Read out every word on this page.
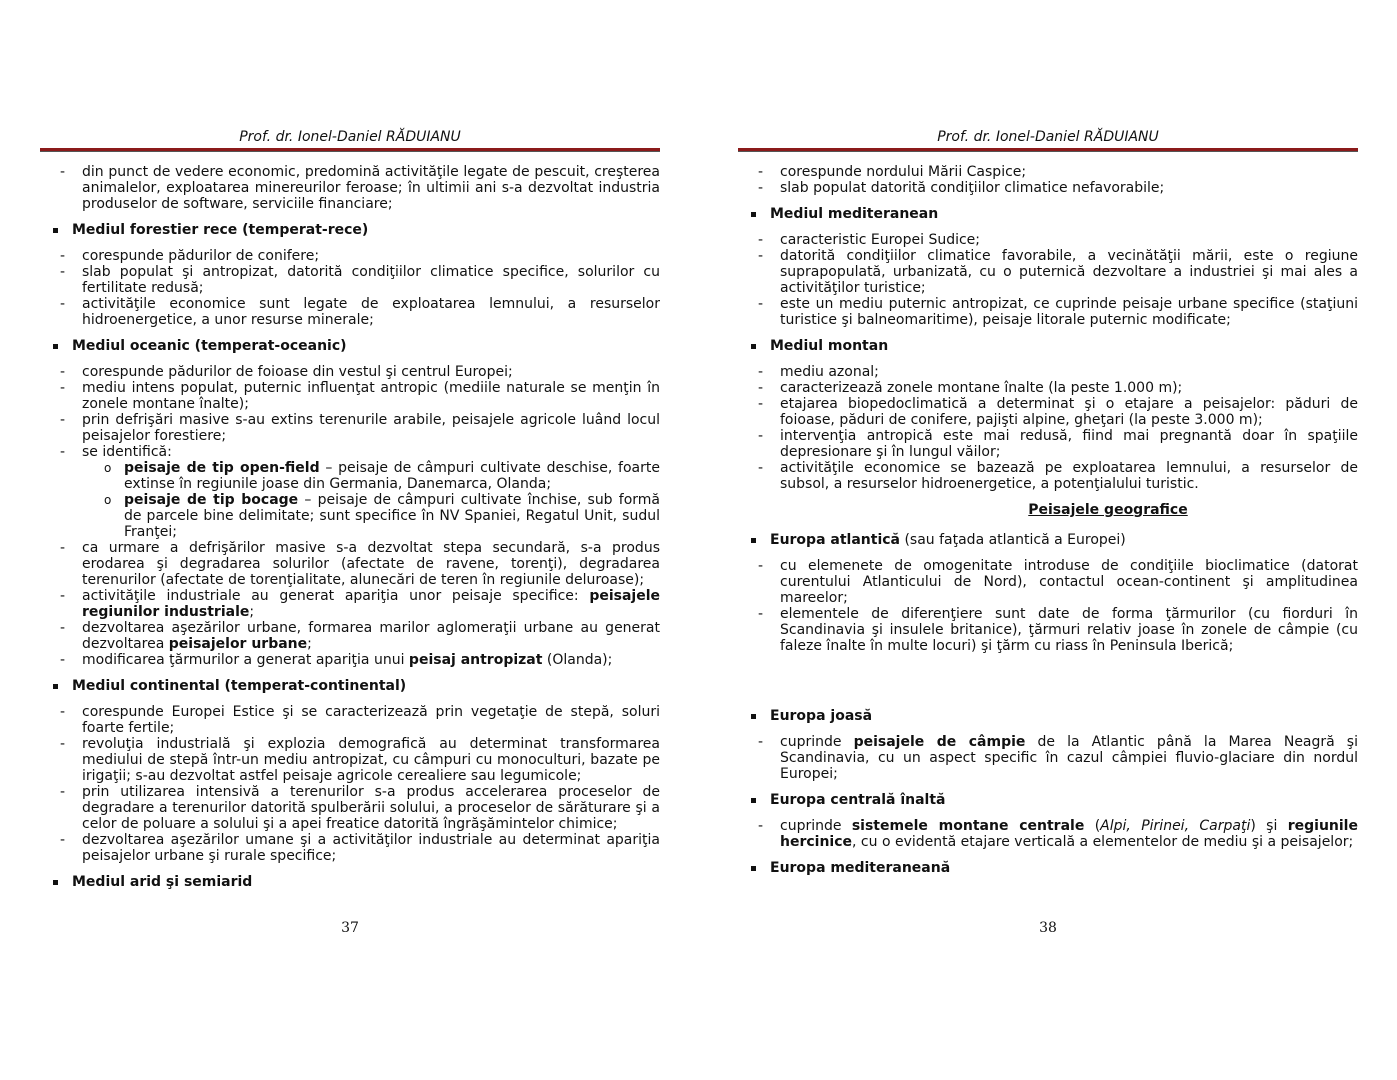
Prof. dr. Ionel-Daniel RĂDUIANU
- din punct de vedere economic, predomină activităţile legate de pescuit, creşterea animalelor, exploatarea minereurilor feroase; în ultimii ani s-a dezvoltat industria produselor de software, serviciile financiare;
Mediul forestier rece (temperat-rece)
- corespunde pădurilor de conifere;
- slab populat şi antropizat, datorită condiţiilor climatice specifice, solurilor cu fertilitate redusă;
- activităţile economice sunt legate de exploatarea lemnului, a resurselor hidroenergetice, a unor resurse minerale;
Mediul oceanic (temperat-oceanic)
- corespunde pădurilor de foioase din vestul şi centrul Europei;
- mediu intens populat, puternic influenţat antropic (mediile naturale se menţin în zonele montane înalte);
- prin defrişări masive s-au extins terenurile arabile, peisajele agricole luând locul peisajelor forestiere;
- se identifică:
o peisaje de tip open-field – peisaje de câmpuri cultivate deschise, foarte extinse în regiunile joase din Germania, Danemarca, Olanda;
o peisaje de tip bocage – peisaje de câmpuri cultivate închise, sub formă de parcele bine delimitate; sunt specifice în NV Spaniei, Regatul Unit, sudul Franţei;
- ca urmare a defrişărilor masive s-a dezvoltat stepa secundară, s-a produs erodarea şi degradarea solurilor (afectate de ravene, torenţi), degradarea terenurilor (afectate de torenţialitate, alunecări de teren în regiunile deluroase);
- activităţile industriale au generat apariţia unor peisaje specifice: peisajele regiunilor industriale;
- dezvoltarea aşezărilor urbane, formarea marilor aglomeraţii urbane au generat dezvoltarea peisajelor urbane;
- modificarea ţărmurilor a generat apariţia unui peisaj antropizat (Olanda);
Mediul continental (temperat-continental)
- corespunde Europei Estice şi se caracterizează prin vegetaţie de stepă, soluri foarte fertile;
- revoluţia industrială şi explozia demografică au determinat transformarea mediului de stepă într-un mediu antropizat, cu câmpuri cu monoculturi, bazate pe irigaţii; s-au dezvoltat astfel peisaje agricole cerealiere sau legumicole;
- prin utilizarea intensivă a terenurilor s-a produs accelerarea proceselor de degradare a terenurilor datorită spulberării solului, a proceselor de sărăturare şi a celor de poluare a solului şi a apei freatice datorită îngrăşămintelor chimice;
- dezvoltarea aşezărilor umane şi a activităţilor industriale au determinat apariţia peisajelor urbane şi rurale specifice;
Mediul arid şi semiarid
37
Prof. dr. Ionel-Daniel RĂDUIANU
- corespunde nordului Mării Caspice;
- slab populat datorită condiţiilor climatice nefavorabile;
Mediul mediteranean
- caracteristic Europei Sudice;
- datorită condiţiilor climatice favorabile, a vecinătăţii mării, este o regiune suprapopulată, urbanizată, cu o puternică dezvoltare a industriei şi mai ales a activităţilor turistice;
- este un mediu puternic antropizat, ce cuprinde peisaje urbane specifice (staţiuni turistice şi balneomaritime), peisaje litorale puternic modificate;
Mediul montan
- mediu azonal;
- caracterizează zonele montane înalte (la peste 1.000 m);
- etajarea biopedoclimatică a determinat şi o etajare a peisajelor: păduri de foioase, păduri de conifere, pajişti alpine, gheţari (la peste 3.000 m);
- intervenţia antropică este mai redusă, fiind mai pregnantă doar în spaţiile depresionare şi în lungul văilor;
- activităţile economice se bazează pe exploatarea lemnului, a resurselor de subsol, a resurselor hidroenergetice, a potenţialului turistic.
Peisajele geografice
Europa atlantică (sau faţada atlantică a Europei)
- cu elemenete de omogenitate introduse de condiţiile bioclimatice (datorat curentului Atlanticului de Nord), contactul ocean-continent şi amplitudinea mareelor;
- elementele de diferenţiere sunt date de forma ţărmurilor (cu fiorduri în Scandinavia şi insulele britanice), ţărmuri relativ joase în zonele de câmpie (cu faleze înalte în multe locuri) şi ţărm cu riass în Peninsula Iberică;
Europa joasă
- cuprinde peisajele de câmpie de la Atlantic până la Marea Neagră şi Scandinavia, cu un aspect specific în cazul câmpiei fluvio-glaciare din nordul Europei;
Europa centrală înaltă
- cuprinde sistemele montane centrale (Alpi, Pirinei, Carpaţi) şi regiunile hercinice, cu o evidentă etajare verticală a elementelor de mediu şi a peisajelor;
Europa mediteraneană
38
